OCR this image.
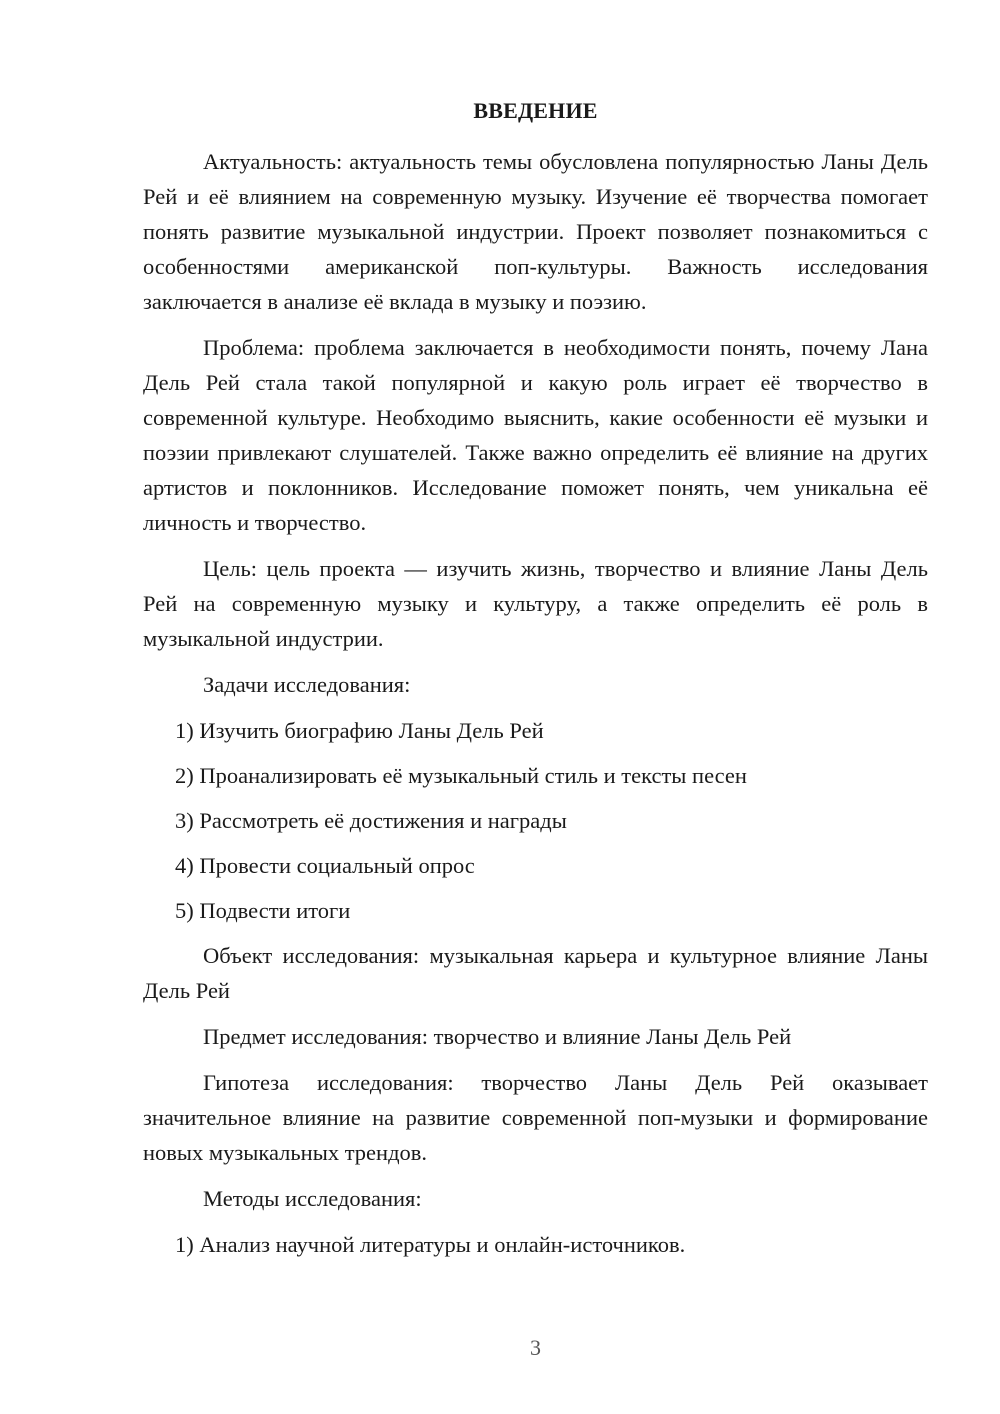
ВВЕДЕНИЕ

Актуальность: актуальность темы обусловлена популярностью Ланы Дель Рей и её влиянием на современную музыку. Изучение её творчества помогает понять развитие музыкальной индустрии. Проект позволяет познакомиться с особенностями американской поп-культуры. Важность исследования заключается в анализе её вклада в музыку и поэзию.

Проблема: проблема заключается в необходимости понять, почему Лана Дель Рей стала такой популярной и какую роль играет её творчество в современной культуре. Необходимо выяснить, какие особенности её музыки и поэзии привлекают слушателей. Также важно определить её влияние на других артистов и поклонников. Исследование поможет понять, чем уникальна её личность и творчество.

Цель: цель проекта — изучить жизнь, творчество и влияние Ланы Дель Рей на современную музыку и культуру, а также определить её роль в музыкальной индустрии.

Задачи исследования:

1) Изучить биографию Ланы Дель Рей

2) Проанализировать её музыкальный стиль и тексты песен

3) Рассмотреть её достижения и награды

4) Провести социальный опрос

5) Подвести итоги

Объект исследования: музыкальная карьера и культурное влияние Ланы Дель Рей

Предмет исследования: творчество и влияние Ланы Дель Рей

Гипотеза исследования: творчество Ланы Дель Рей оказывает значительное влияние на развитие современной поп-музыки и формирование новых музыкальных трендов.

Методы исследования:

1) Анализ научной литературы и онлайн-источников.

3
